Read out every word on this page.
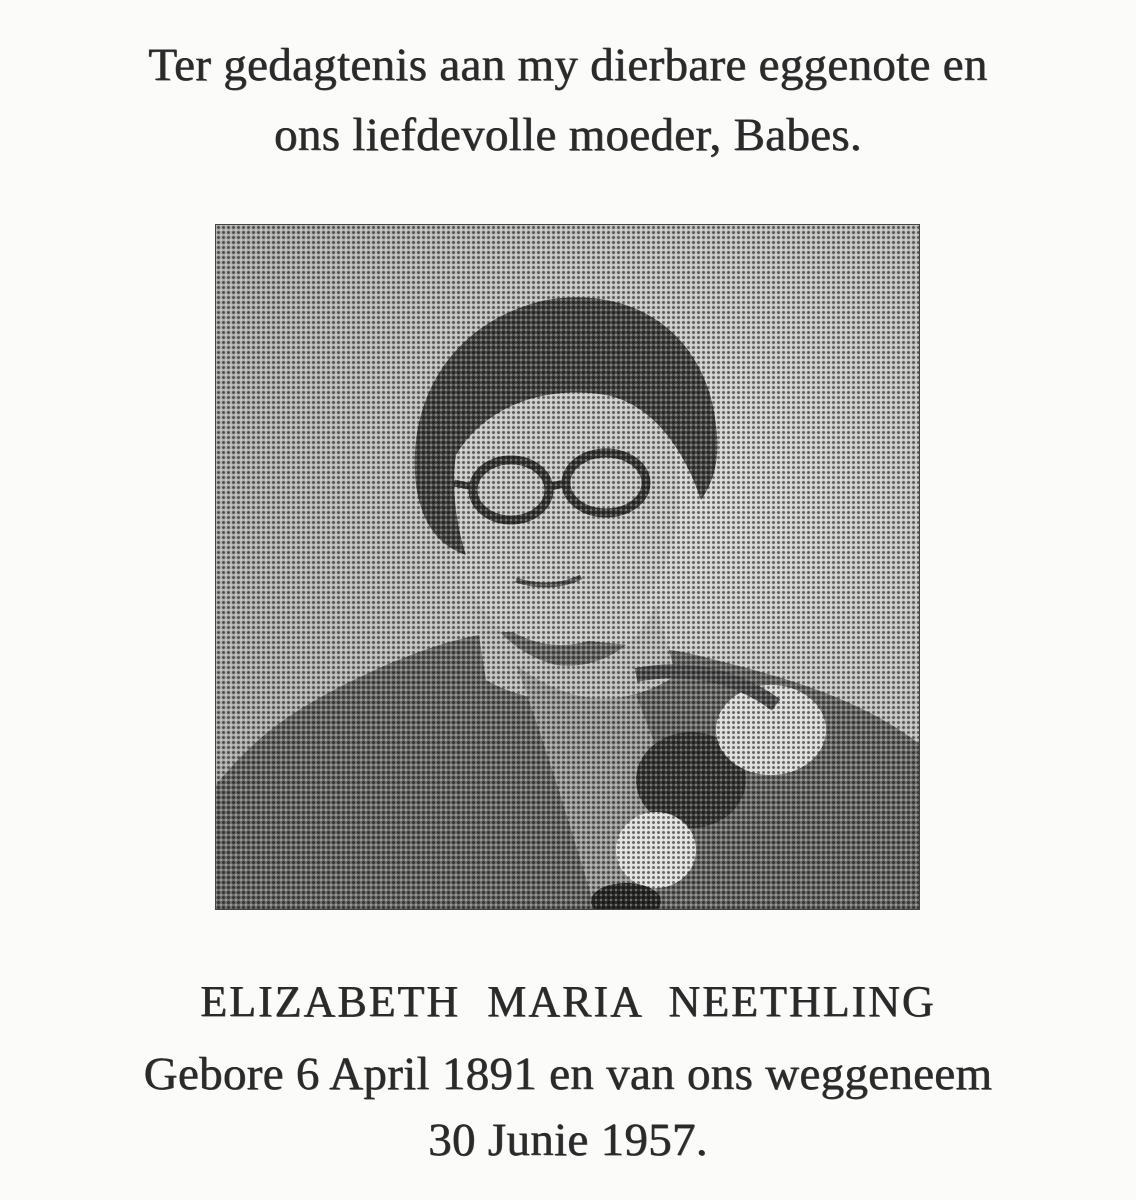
Ter gedagtenis aan my dierbare eggenote en
ons liefdevolle moeder, Babes.
ELIZABETH MARIA NEETHLING
Gebore 6 April 1891 en van ons weggeneem
30 Junie 1957.
